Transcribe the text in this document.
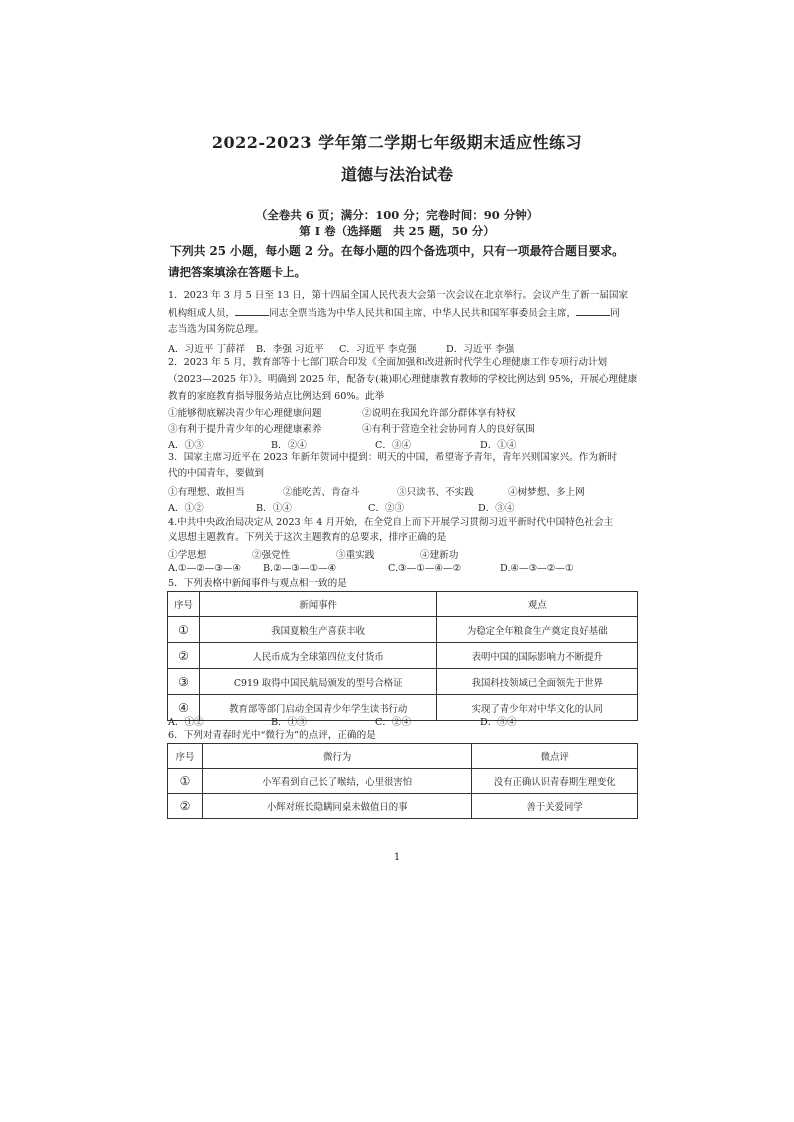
2022-2023 学年第二学期七年级期末适应性练习
道德与法治试卷
（全卷共 6 页；满分：100 分；完卷时间：90 分钟）
第 I 卷（选择题　共 25 题，50 分）
下列共 25 小题，每小题 2 分。在每小题的四个备选项中，只有一项最符合题目要求。
请把答案填涂在答题卡上。
1．2023 年 3 月 5 日至 13 日，第十四届全国人民代表大会第一次会议在北京举行。会议产生了新一届国家
机构组成人员，	同志全票当选为中华人民共和国主席、中华人民共和国军事委员会主席，	同
志当选为国务院总理。
A．习近平 丁薛祥 B．李强 习近平 C．习近平 李克强	D．习近平 李强
2．2023 年 5 月，教育部等十七部门联合印发《全面加强和改进新时代学生心理健康工作专项行动计划
（2023—2025 年）》。明确到 2025 年，配备专(兼)职心理健康教育教师的学校比例达到 95%，开展心理健康
教育的家庭教育指导服务站点比例达到 60%。此举
①能够彻底解决青少年心理健康问题	②说明在我国允许部分群体享有特权
③有利于提升青少年的心理健康素养	④有利于营造全社会协同育人的良好氛围
A．①③	B．②④	C．③④	D．①④
3．国家主席习近平在 2023 年新年贺词中提到：明天的中国，希望寄予青年，青年兴则国家兴。作为新时
代的中国青年，要做到
①有理想、敢担当	②能吃苦、肯奋斗	③只读书、不实践	④树梦想、多上网
A．①②	B．①④	C．②③	D．③④
4.中共中央政治局决定从 2023 年 4 月开始，在全党自上而下开展学习贯彻习近平新时代中国特色社会主
义思想主题教育。下列关于这次主题教育的总要求，排序正确的是
①学思想	②强党性	③重实践	④建新功
A.①—②—③—④ B.②—③—①—④	C.③—①—④—②	D.④—③—②—①
5．下列表格中新闻事件与观点相一致的是
序号	新闻事件	观点
①	我国夏粮生产喜获丰收	为稳定全年粮食生产奠定良好基础
②	人民币成为全球第四位支付货币	表明中国的国际影响力不断提升
③	C919 取得中国民航局颁发的型号合格证	我国科技领域已全面领先于世界
④	教育部等部门启动全国青少年学生读书行动	实现了青少年对中华文化的认同
A．①②	B．①③	C．②④	D．③④
6．下列对青春时光中“微行为”的点评，正确的是
序号	微行为	微点评
①	小军看到自己长了喉结，心里很害怕	没有正确认识青春期生理变化
②	小辉对班长隐瞒同桌未做值日的事	善于关爱同学
1
